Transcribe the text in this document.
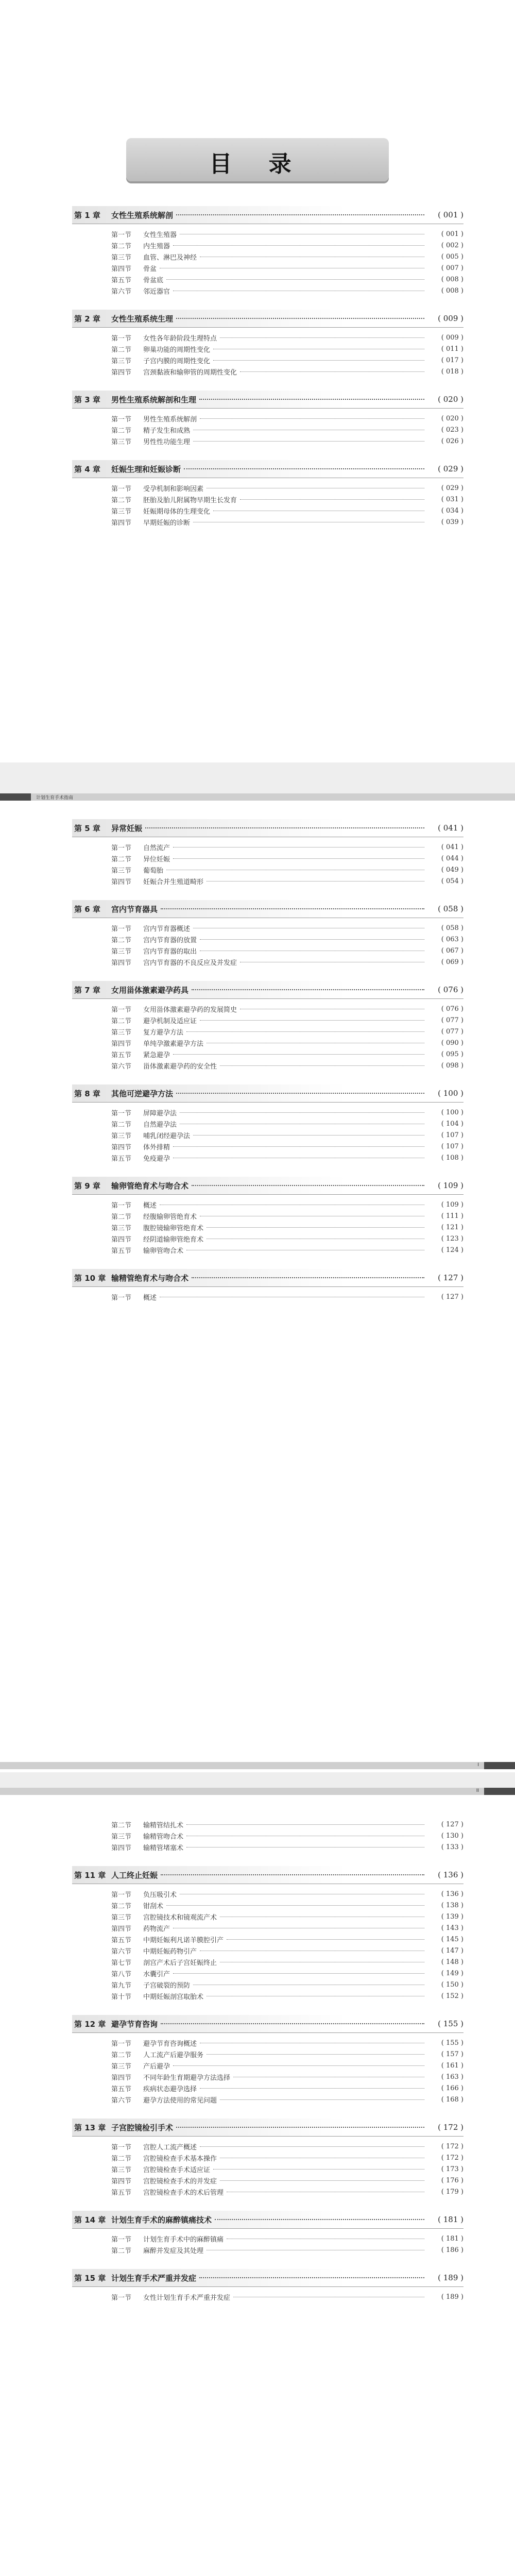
目 录
第 1 章	女性生殖系统解剖	( 001 )
第一节	女性生殖器	( 001 )
第二节	内生殖器	( 002 )
第三节	血管、淋巴及神经	( 005 )
第四节	骨盆	( 007 )
第五节	骨盆底	( 008 )
第六节	邻近器官	( 008 )
第 2 章	女性生殖系统生理	( 009 )
第一节	女性各年龄阶段生理特点	( 009 )
第二节	卵巢功能的周期性变化	( 011 )
第三节	子宫内膜的周期性变化	( 017 )
第四节	宫颈黏液和输卵管的周期性变化	( 018 )
第 3 章	男性生殖系统解剖和生理	( 020 )
第一节	男性生殖系统解剖	( 020 )
第二节	精子发生和成熟	( 023 )
第三节	男性性功能生理	( 026 )
第 4 章	妊娠生理和妊娠诊断	( 029 )
第一节	受孕机制和影响因素	( 029 )
第二节	胚胎及胎儿附属物早期生长发育	( 031 )
第三节	妊娠期母体的生理变化	( 034 )
第四节	早期妊娠的诊断	( 039 )
计划生育手术指南
第 5 章	异常妊娠	( 041 )
第一节	自然流产	( 041 )
第二节	异位妊娠	( 044 )
第三节	葡萄胎	( 049 )
第四节	妊娠合并生殖道畸形	( 054 )
第 6 章	宫内节育器具	( 058 )
第一节	宫内节育器概述	( 058 )
第二节	宫内节育器的放置	( 063 )
第三节	宫内节育器的取出	( 067 )
第四节	宫内节育器的不良反应及并发症	( 069 )
第 7 章	女用甾体激素避孕药具	( 076 )
第一节	女用甾体激素避孕药的发展简史	( 076 )
第二节	避孕机制及适应证	( 077 )
第三节	复方避孕方法	( 077 )
第四节	单纯孕激素避孕方法	( 090 )
第五节	紧急避孕	( 095 )
第六节	甾体激素避孕药的安全性	( 098 )
第 8 章	其他可逆避孕方法	( 100 )
第一节	屏障避孕法	( 100 )
第二节	自然避孕法	( 104 )
第三节	哺乳闭经避孕法	( 107 )
第四节	体外排精	( 107 )
第五节	免疫避孕	( 108 )
第 9 章	输卵管绝育术与吻合术	( 109 )
第一节	概述	( 109 )
第二节	经腹输卵管绝育术	( 111 )
第三节	腹腔镜输卵管绝育术	( 121 )
第四节	经阴道输卵管绝育术	( 123 )
第五节	输卵管吻合术	( 124 )
第 10 章 输精管绝育术与吻合术	( 127 )
第一节	概述	( 127 )
I
第二节	输精管结扎术	( 127 )
第三节	输精管吻合术	( 130 )
第四节	输精管堵塞术	( 133 )
第 11 章 人工终止妊娠	( 136 )
第一节	负压吸引术	( 136 )
第二节	钳刮术	( 138 )
第三节	宫腔镜技术和镜观流产术	( 139 )
第四节	药物流产	( 143 )
第五节	中期妊娠利凡诺羊膜腔引产	( 145 )
第六节	中期妊娠药物引产	( 147 )
第七节	剖宫产术后子宫妊娠终止	( 148 )
第八节	水囊引产	( 149 )
第九节	子宫破裂的预防	( 150 )
第十节	中期妊娠剖宫取胎术	( 152 )
第 12 章 避孕节育咨询	( 155 )
第一节	避孕节育咨询概述	( 155 )
第二节	人工流产后避孕服务	( 157 )
第三节	产后避孕	( 161 )
第四节	不同年龄生育期避孕方法选择	( 163 )
第五节	疾病状态避孕选择	( 166 )
第六节	避孕方法使用的常见问题	( 168 )
第 13 章 子宫腔镜检引手术	( 172 )
第一节	宫腔人工流产概述	( 172 )
第二节	宫腔镜检查手术基本操作	( 172 )
第三节	宫腔镜检查手术适应证	( 173 )
第四节	宫腔镜检查手术的并发症	( 176 )
第五节	宫腔镜检查手术的术后管理	( 179 )
第 14 章 计划生育手术的麻醉镇痛技术	( 181 )
第一节	计划生育手术中的麻醉镇痛	( 181 )
第二节	麻醉并发症及其处理	( 186 )
第 15 章 计划生育手术严重并发症	( 189 )
第一节	女性计划生育手术严重并发症	( 189 )
II
